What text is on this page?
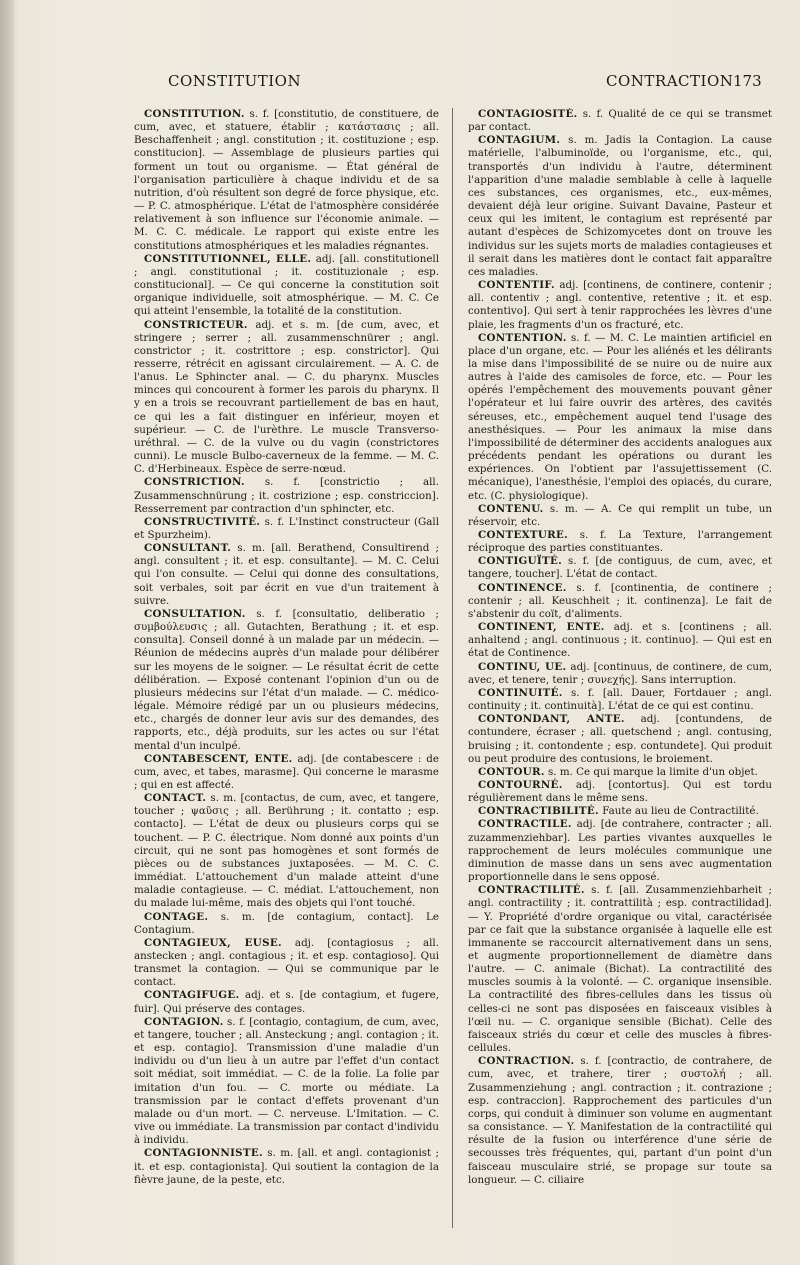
CONSTITUTION	CONTRACTION 173

CONSTITUTION. s. f. [constitutio, de constituere, de cum, avec, et statuere, établir ; κατάστασις ; all. Beschaffenheit ; angl. constitution ; it. costituzione ; esp. constitucion]. — Assemblage de plusieurs parties qui forment un tout ou organisme. — État général de l'organisation particulière à chaque individu et de sa nutrition, d'où résultent son degré de force physique, etc. — P. C. atmosphérique. L'état de l'atmosphère considérée relativement à son influence sur l'économie animale. — M. C. C. médicale. Le rapport qui existe entre les constitutions atmosphériques et les maladies régnantes.

CONSTITUTIONNEL, ELLE. adj. [all. constitutionell ; angl. constitutional ; it. costituzionale ; esp. constitucional]. — Ce qui concerne la constitution soit organique individuelle, soit atmosphérique. — M. C. Ce qui atteint l'ensemble, la totalité de la constitution.

CONSTRICTEUR. adj. et s. m. [de cum, avec, et stringere ; serrer ; all. zusammenschnürer ; angl. constrictor ; it. costrittore ; esp. constrictor]. Qui resserre, rétrécit en agissant circulairement. — A. C. de l'anus. Le Sphincter anal. — C. du pharynx. Muscles minces qui concourent à former les parois du pharynx. Il y en a trois se recouvrant partiellement de bas en haut, ce qui les a fait distinguer en inférieur, moyen et supérieur. — C. de l'urèthre. Le muscle Transverso-uréthral. — C. de la vulve ou du vagin (constrictores cunni). Le muscle Bulbo-caverneux de la femme. — M. C. C. d'Herbineaux. Espèce de serre-nœud.

CONSTRICTION. s. f. [constrictio ; all. Zusammenschnürung ; it. costrizione ; esp. constriccion]. Resserrement par contraction d'un sphincter, etc.

CONSTRUCTIVITÉ. s. f. L'Instinct constructeur (Gall et Spurzheim).

CONSULTANT. s. m. [all. Berathend, Consultirend ; angl. consultent ; it. et esp. consultante]. — M. C. Celui qui l'on consulte. — Celui qui donne des consultations, soit verbales, soit par écrit en vue d'un traitement à suivre.

CONSULTATION. s. f. [consultatio, deliberatio ; συμβούλευσις ; all. Gutachten, Berathung ; it. et esp. consulta]. Conseil donné à un malade par un médecin. — Réunion de médecins auprès d'un malade pour délibérer sur les moyens de le soigner. — Le résultat écrit de cette délibération. — Exposé contenant l'opinion d'un ou de plusieurs médecins sur l'état d'un malade. — C. médico-légale. Mémoire rédigé par un ou plusieurs médecins, etc., chargés de donner leur avis sur des demandes, des rapports, etc., déjà produits, sur les actes ou sur l'état mental d'un inculpé.

CONTABESCENT, ENTE. adj. [de contabescere : de cum, avec, et tabes, marasme]. Qui concerne le marasme ; qui en est affecté.

CONTACT. s. m. [contactus, de cum, avec, et tangere, toucher ; ψαῦσις ; all. Berührung ; it. contatto ; esp. contacto]. — L'état de deux ou plusieurs corps qui se touchent. — P. C. électrique. Nom donné aux points d'un circuit, qui ne sont pas homogènes et sont formés de pièces ou de substances juxtaposées. — M. C. C. immédiat. L'attouchement d'un malade atteint d'une maladie contagieuse. — C. médiat. L'attouchement, non du malade lui-même, mais des objets qui l'ont touché.

CONTAGE. s. m. [de contagium, contact]. Le Contagium.

CONTAGIEUX, EUSE. adj. [contagiosus ; all. anstecken ; angl. contagious ; it. et esp. contagioso]. Qui transmet la contagion. — Qui se communique par le contact.

CONTAGIFUGE. adj. et s. [de contagium, et fugere, fuir]. Qui préserve des contages.

CONTAGION. s. f. [contagio, contagium, de cum, avec, et tangere, toucher ; all. Ansteckung ; angl. contagion ; it. et esp. contagio]. Transmission d'une maladie d'un individu ou d'un lieu à un autre par l'effet d'un contact soit médiat, soit immédiat. — C. de la folie. La folie par imitation d'un fou. — C. morte ou médiate. La transmission par le contact d'effets provenant d'un malade ou d'un mort. — C. nerveuse. L'Imitation. — C. vive ou immédiate. La transmission par contact d'individu à individu.

CONTAGIONNISTE. s. m. [all. et angl. contagionist ; it. et esp. contagionista]. Qui soutient la contagion de la fièvre jaune, de la peste, etc.

CONTAGIOSITÉ. s. f. Qualité de ce qui se transmet par contact.

CONTAGIUM. s. m. Jadis la Contagion. La cause matérielle, l'albuminoïde, ou l'organisme, etc., qui, transportés d'un individu à l'autre, déterminent l'apparition d'une maladie semblable à celle à laquelle ces substances, ces organismes, etc., eux-mêmes, devaient déjà leur origine. Suivant Davaine, Pasteur et ceux qui les imitent, le contagium est représenté par autant d'espèces de Schizomycetes dont on trouve les individus sur les sujets morts de maladies contagieuses et il serait dans les matières dont le contact fait apparaître ces maladies.

CONTENTIF. adj. [continens, de continere, contenir ; all. contentiv ; angl. contentive, retentive ; it. et esp. contentivo]. Qui sert à tenir rapprochées les lèvres d'une plaie, les fragments d'un os fracturé, etc.

CONTENTION. s. f. — M. C. Le maintien artificiel en place d'un organe, etc. — Pour les aliénés et les délirants la mise dans l'impossibilité de se nuire ou de nuire aux autres à l'aide des camisoles de force, etc. — Pour les opérés l'empêchement des mouvements pouvant gêner l'opérateur et lui faire ouvrir des artères, des cavités séreuses, etc., empêchement auquel tend l'usage des anesthésiques. — Pour les animaux la mise dans l'impossibilité de déterminer des accidents analogues aux précédents pendant les opérations ou durant les expériences. On l'obtient par l'assujettissement (C. mécanique), l'anesthésie, l'emploi des opiacés, du curare, etc. (C. physiologique).

CONTENU. s. m. — A. Ce qui remplit un tube, un réservoir, etc.

CONTEXTURE. s. f. La Texture, l'arrangement réciproque des parties constituantes.

CONTIGUÏTÉ. s. f. [de contiguus, de cum, avec, et tangere, toucher]. L'état de contact.

CONTINENCE. s. f. [continentia, de continere ; contenir ; all. Keuschheit ; it. continenza]. Le fait de s'abstenir du coït, d'aliments.

CONTINENT, ENTE. adj. et s. [continens ; all. anhaltend ; angl. continuous ; it. continuo]. — Qui est en état de Continence.

CONTINU, UE. adj. [continuus, de continere, de cum, avec, et tenere, tenir ; συνεχής]. Sans interruption.

CONTINUITÉ. s. f. [all. Dauer, Fortdauer ; angl. continuity ; it. continuità]. L'état de ce qui est continu.

CONTONDANT, ANTE. adj. [contundens, de contundere, écraser ; all. quetschend ; angl. contusing, bruising ; it. contondente ; esp. contundete]. Qui produit ou peut produire des contusions, le broiement.

CONTOUR. s. m. Ce qui marque la limite d'un objet.

CONTOURNÉ. adj. [contortus]. Qui est tordu régulièrement dans le même sens.

CONTRACTIBILITÉ. Faute au lieu de Contractilité.

CONTRACTILE. adj. [de contrahere, contracter ; all. zuzammenziehbar]. Les parties vivantes auxquelles le rapprochement de leurs molécules communique une diminution de masse dans un sens avec augmentation proportionnelle dans le sens opposé.

CONTRACTILITÉ. s. f. [all. Zusammenziehbarheit ; angl. contractility ; it. contrattilità ; esp. contractilidad]. — Y. Propriété d'ordre organique ou vital, caractérisée par ce fait que la substance organisée à laquelle elle est immanente se raccourcit alternativement dans un sens, et augmente proportionnellement de diamètre dans l'autre. — C. animale (Bichat). La contractilité des muscles soumis à la volonté. — C. organique insensible. La contractilité des fibres-cellules dans les tissus où celles-ci ne sont pas disposées en faisceaux visibles à l'œil nu. — C. organique sensible (Bichat). Celle des faisceaux striés du cœur et celle des muscles à fibres-cellules.

CONTRACTION. s. f. [contractio, de contrahere, de cum, avec, et trahere, tirer ; συστολή ; all. Zusammenziehung ; angl. contraction ; it. contrazione ; esp. contraccion]. Rapprochement des particules d'un corps, qui conduit à diminuer son volume en augmentant sa consistance. — Y. Manifestation de la contractilité qui résulte de la fusion ou interférence d'une série de secousses très fréquentes, qui, partant d'un point d'un faisceau musculaire strié, se propage sur toute sa longueur. — C. ciliaire
